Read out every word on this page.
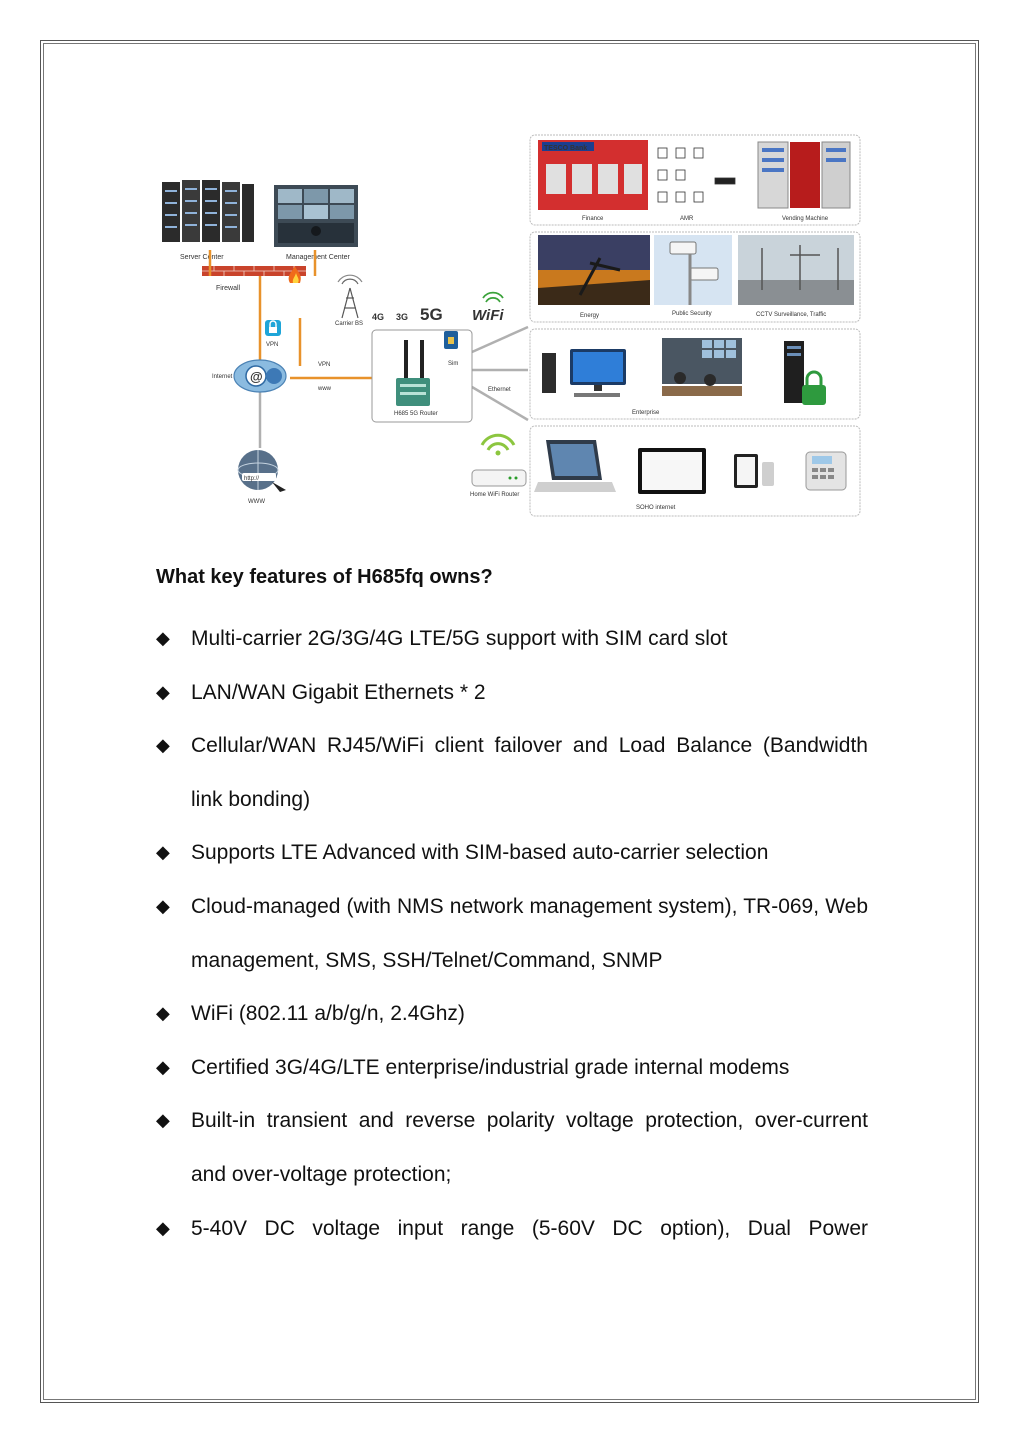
Server Center	Management Center
Firewall
VPN
Carrier BS
4G 3G 5G WiFi
@
Internet
VPN
www
http://
WWW
Sim
H685 5G Router
Ethernet
Home WiFi Router
TESCO Bank
Finance	AMR	Vending Machine
Energy	Public Security	CCTV Surveillance, Traffic
Enterprise
SOHO internet
What key features of H685fq owns?
◆ Multi-carrier 2G/3G/4G LTE/5G support with SIM card slot
◆ LAN/WAN Gigabit Ethernets * 2
◆ Cellular/WAN RJ45/WiFi client failover and Load Balance (Bandwidth link bonding)
◆ Supports LTE Advanced with SIM-based auto-carrier selection
◆ Cloud-managed (with NMS network management system), TR-069, Web management, SMS, SSH/Telnet/Command, SNMP
◆ WiFi (802.11 a/b/g/n, 2.4Ghz)
◆ Certified 3G/4G/LTE enterprise/industrial grade internal modems
◆ Built-in transient and reverse polarity voltage protection, over-current and over-voltage protection;
◆ 5-40V DC voltage input range (5-60V DC option), Dual Power
